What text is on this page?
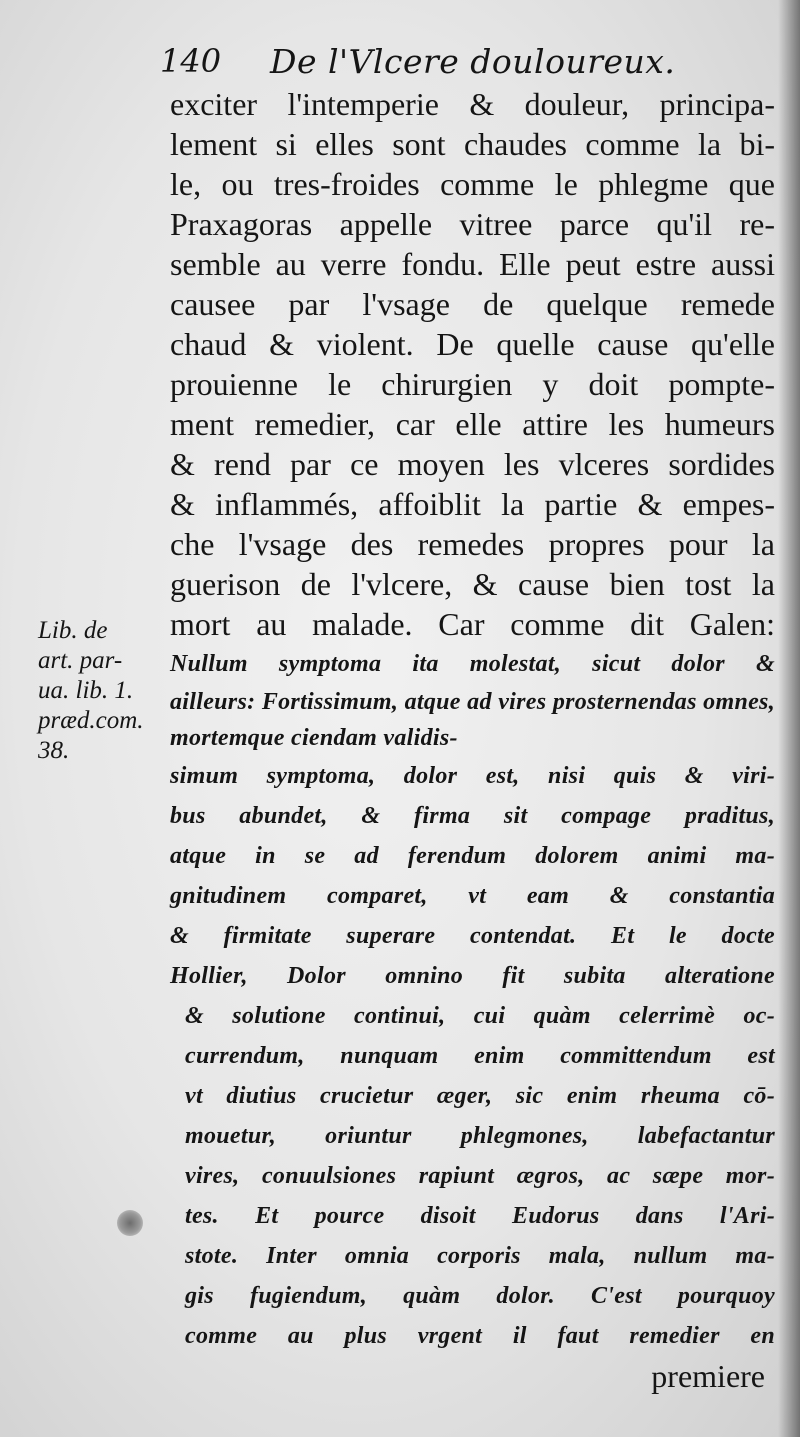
140 De l'Vlcere douloureux.
Lib. de
art. par-
ua. lib. 1.
præd.com.
38.
exciter l'intemperie & douleur, principa-
lement si elles sont chaudes comme la bi-
le, ou tres-froides comme le phlegme que
Praxagoras appelle vitree parce qu'il re-
semble au verre fondu. Elle peut estre aussi
causee par l'vsage de quelque remede
chaud & violent. De quelle cause qu'elle
prouienne le chirurgien y doit pompte-
ment remedier, car elle attire les humeurs
& rend par ce moyen les vlceres sordides
& inflammés, affoiblit la partie & empes-
che l'vsage des remedes propres pour la
guerison de l'vlcere, & cause bien tost la
mort au malade. Car comme dit Galen:
Nullum symptoma ita molestat, sicut dolor &
ailleurs: Fortissimum, atque ad vires prosternendas omnes, mortemque ciendam validis-
simum symptoma, dolor est, nisi quis & viri-
bus abundet, & firma sit compage praditus,
atque in se ad ferendum dolorem animi ma-
gnitudinem comparet, vt eam & constantia
& firmitate superare contendat. Et le docte
Hollier, Dolor omnino fit subita alteratione
& solutione continui, cui quàm celerrimè oc-
currendum, nunquam enim committendum est
vt diutius crucietur æger, sic enim rheuma cō-
mouetur, oriuntur phlegmones, labefactantur
vires, conuulsiones rapiunt ægros, ac sæpe mor-
tes. Et pource disoit Eudorus dans l'Ari-
stote. Inter omnia corporis mala, nullum ma-
gis fugiendum, quàm dolor. C'est pourquoy
comme au plus vrgent il faut remedier en
premiere
